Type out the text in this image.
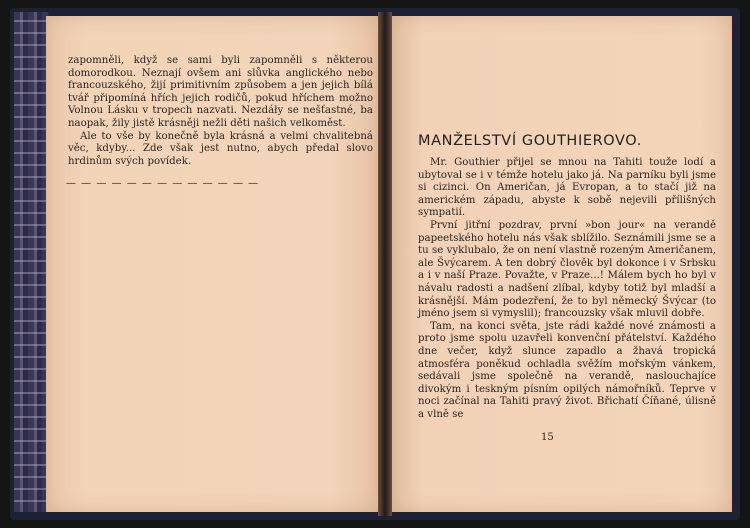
zapomněli, když se sami byli zapomněli s některou domorodkou. Neznají ovšem ani slůvka anglického nebo francouzského, žijí primitivním způsobem a jen jejich bílá tvář připomíná hřích jejich rodičů, pokud hříchem možno Volnou Lásku v tropech nazvati. Nezdáły se nešťastné, ba naopak, žily jistě krásněji nežli děti našich velkoměst.

Ale to vše by konečně byla krásná a velmi chvalitebná věc, kdyby... Zde však jest nutno, abych předal slovo hrdinům svých povídek.

— — — — — — — — — — — — —
MANŽELSTVÍ GOUTHIEROVO.

Mr. Gouthier přijel se mnou na Tahiti touže lodí a ubytoval se i v témže hotelu jako já. Na parníku byli jsme si cizinci. On Američan, já Evropan, a to stačí již na americkém západu, abyste k sobě nejevili přílišných sympatií.

První jitřní pozdrav, první »bon jour« na verandě papeetského hotelu nás však sblížilo. Seznámili jsme se a tu se vyklubalo, že on není vlastně rozeným Američanem, ale Švýcarem. A ten dobrý člověk byl dokonce i v Srbsku a i v naší Praze. Považte, v Praze...! Málem bych ho byl v návalu radosti a nadšení zlíbal, kdyby totiž byl mladší a krásnější. Mám podezření, že to byl německý Švýcar (to jméno jsem si vymyslil); francouzsky však mluvil dobře.

Tam, na konci světa, jste rádi každé nové známosti a proto jsme spolu uzavřeli konvenční přátelství. Každého dne večer, když slunce zapadlo a žhavá tropická atmosféra poněkud ochladla svěžím mořským vánkem, sedávali jsme společně na verandě, naslouchajíce divokým i teskným písním opilých námořníků. Teprve v noci začínal na Tahiti pravý život. Břichatí Číňané, úlisně a vlně se

15
